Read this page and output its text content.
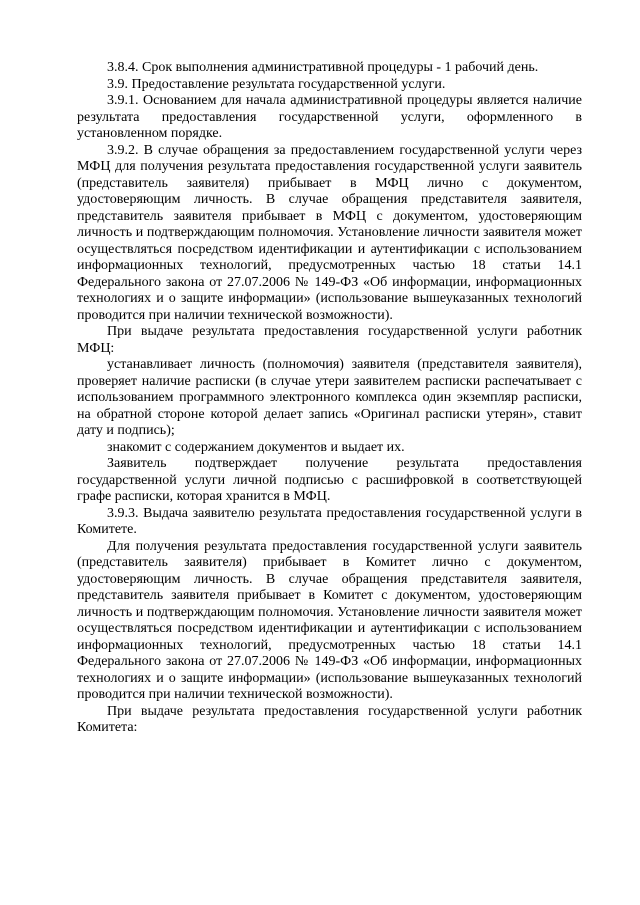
3.8.4. Срок выполнения административной процедуры - 1 рабочий день.

3.9. Предоставление результата государственной услуги.

3.9.1. Основанием для начала административной процедуры является наличие результата предоставления государственной услуги, оформленного в установленном порядке.

3.9.2. В случае обращения за предоставлением государственной услуги через МФЦ для получения результата предоставления государственной услуги заявитель (представитель заявителя) прибывает в МФЦ лично с документом, удостоверяющим личность. В случае обращения представителя заявителя, представитель заявителя прибывает в МФЦ с документом, удостоверяющим личность и подтверждающим полномочия. Установление личности заявителя может осуществляться посредством идентификации и аутентификации с использованием информационных технологий, предусмотренных частью 18 статьи 14.1 Федерального закона от 27.07.2006 № 149-ФЗ «Об информации, информационных технологиях и о защите информации» (использование вышеуказанных технологий проводится при наличии технической возможности).

При выдаче результата предоставления государственной услуги работник МФЦ:

устанавливает личность (полномочия) заявителя (представителя заявителя), проверяет наличие расписки (в случае утери заявителем расписки распечатывает с использованием программного электронного комплекса один экземпляр расписки, на обратной стороне которой делает запись «Оригинал расписки утерян», ставит дату и подпись);

знакомит с содержанием документов и выдает их.

Заявитель подтверждает получение результата предоставления государственной услуги личной подписью с расшифровкой в соответствующей графе расписки, которая хранится в МФЦ.

3.9.3. Выдача заявителю результата предоставления государственной услуги в Комитете.

Для получения результата предоставления государственной услуги заявитель (представитель заявителя) прибывает в Комитет лично с документом, удостоверяющим личность. В случае обращения представителя заявителя, представитель заявителя прибывает в Комитет с документом, удостоверяющим личность и подтверждающим полномочия. Установление личности заявителя может осуществляться посредством идентификации и аутентификации с использованием информационных технологий, предусмотренных частью 18 статьи 14.1 Федерального закона от 27.07.2006 № 149-ФЗ «Об информации, информационных технологиях и о защите информации» (использование вышеуказанных технологий проводится при наличии технической возможности).

При выдаче результата предоставления государственной услуги работник Комитета:
